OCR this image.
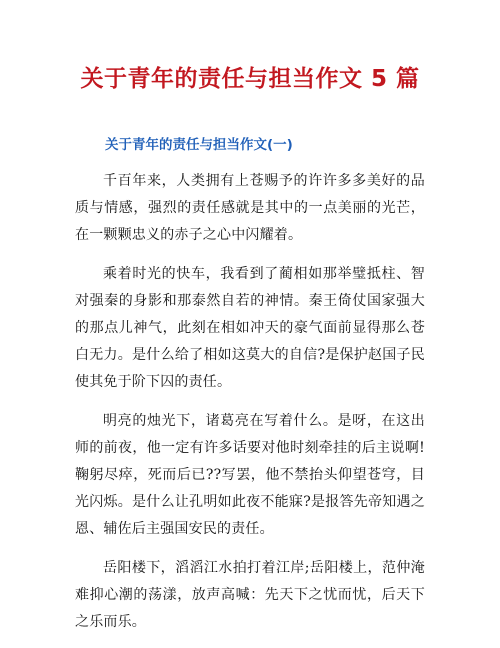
关于青年的责任与担当作文 5 篇
关于青年的责任与担当作文(一)

千百年来，人类拥有上苍赐予的许许多多美好的品质与情感，强烈的责任感就是其中的一点美丽的光芒，在一颗颗忠义的赤子之心中闪耀着。

乘着时光的快车，我看到了蔺相如那举璧抵柱、智对强秦的身影和那泰然自若的神情。秦王倚仗国家强大的那点儿神气，此刻在相如冲天的豪气面前显得那么苍白无力。是什么给了相如这莫大的自信?是保护赵国子民使其免于阶下囚的责任。

明亮的烛光下，诸葛亮在写着什么。是呀，在这出师的前夜，他一定有许多话要对他时刻牵挂的后主说啊!鞠躬尽瘁，死而后已??写罢，他不禁抬头仰望苍穹，目光闪烁。是什么让孔明如此夜不能寐?是报答先帝知遇之恩、辅佐后主强国安民的责任。

岳阳楼下，滔滔江水拍打着江岸;岳阳楼上，范仲淹难抑心潮的荡漾，放声高喊：先天下之忧而忧，后天下之乐而乐。
